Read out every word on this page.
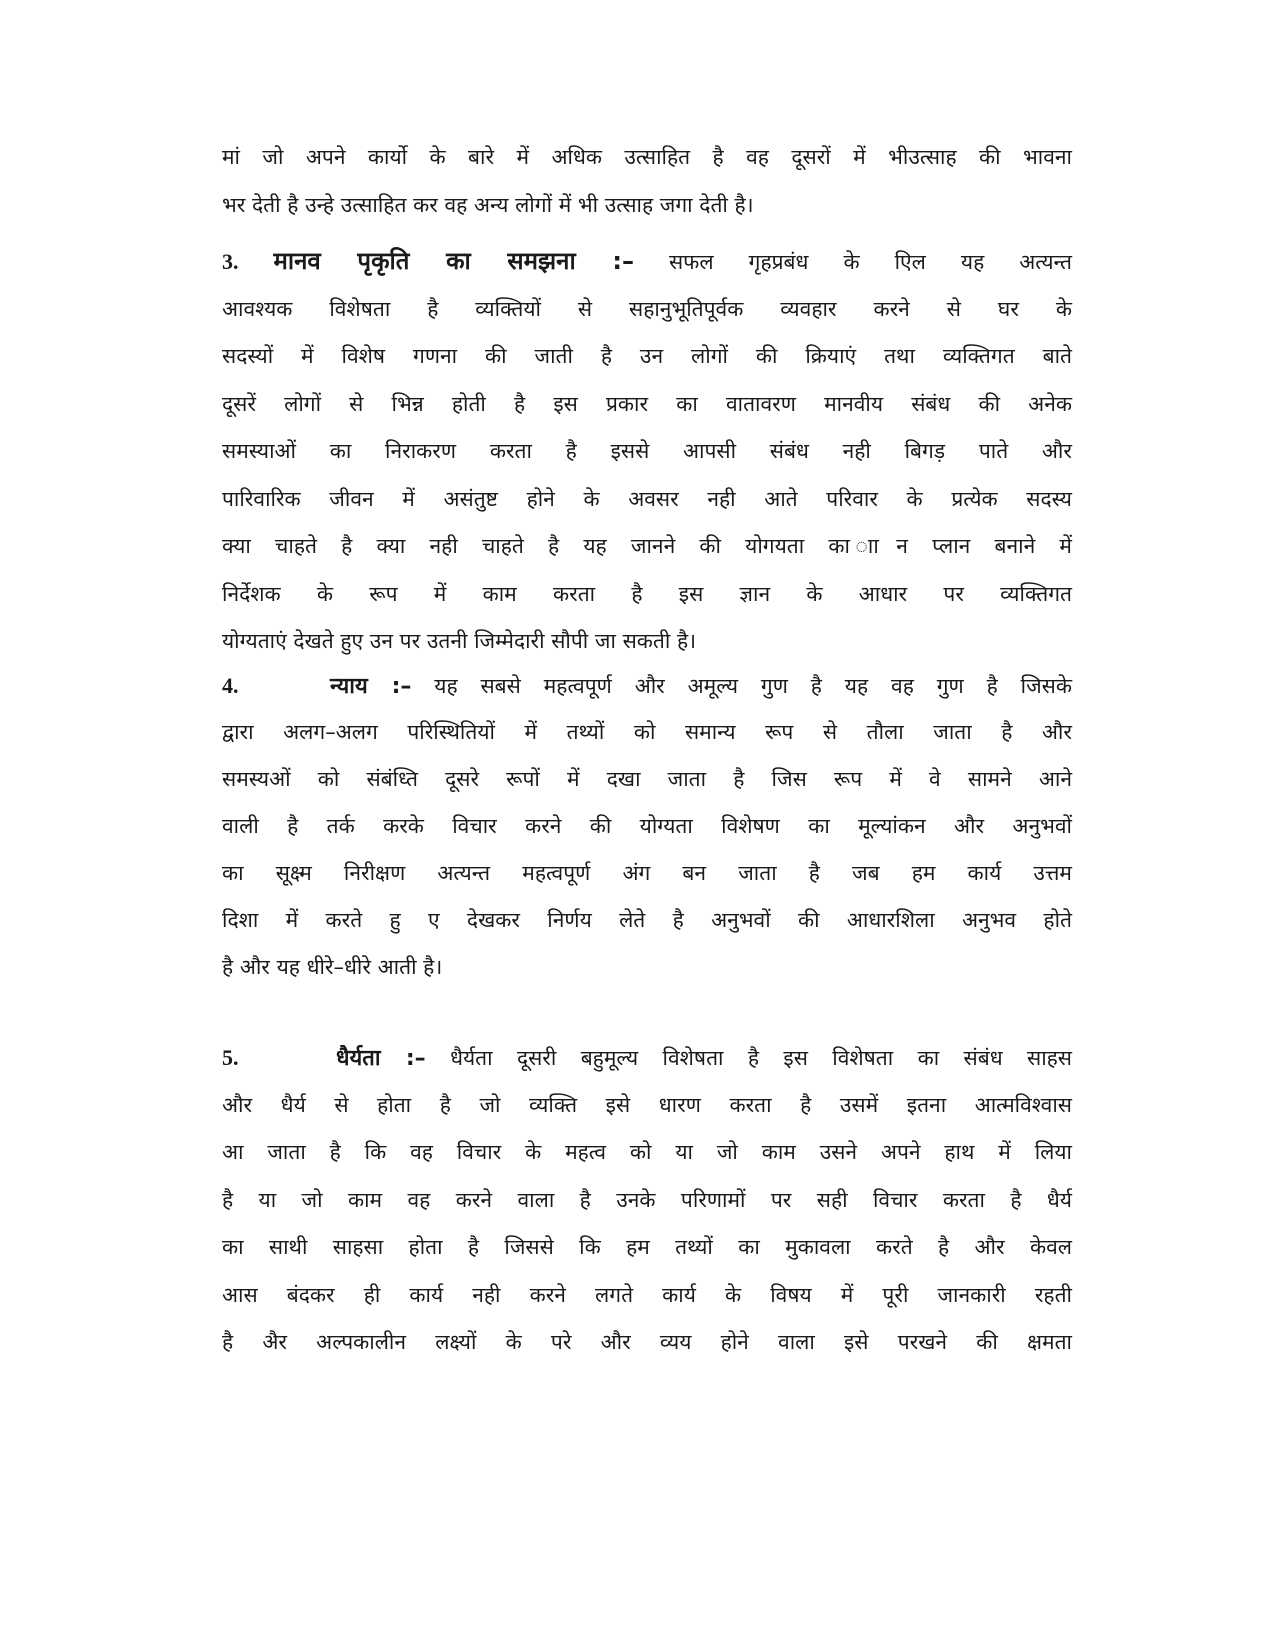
मां जो अपने कार्यो के बारे में अधिक उत्साहित है वह दूसरों में भीउत्साह की भावना
भर देती है उन्हे उत्साहित कर वह अन्य लोगों में भी उत्साह जगा देती है।
3. मानव पृकृति का समझना :– सफल गृहप्रबंध के एिल यह अत्यन्त
आवश्यक विशेषता है व्यक्तियों से सहानुभूतिपूर्वक व्यवहार करने से घर के
सदस्यों में विशेष गणना की जाती है उन लोगों की क्रियाएं तथा व्यक्तिगत बाते
दूसरें लोगों से भिन्न होती है इस प्रकार का वातावरण मानवीय संबंध की अनेक
समस्याओं का निराकरण करता है इससे आपसी संबंध नही बिगड़ पाते और
पारिवारिक जीवन में असंतुष्ट होने के अवसर नही आते परिवार के प्रत्येक सदस्य
क्या चाहते है क्या नही चाहते है यह जानने की योगयता का ाान प्लान बनाने में
निर्देशक के रूप में काम करता है इस ज्ञान के आधार पर व्यक्तिगत
योग्यताएं देखते हुए उन पर उतनी जिम्मेदारी सौपी जा सकती है।
4.	न्याय :– यह सबसे महत्वपूर्ण और अमूल्य गुण है यह वह गुण है जिसके
द्वारा अलग–अलग परिस्थितियों में तथ्यों को समान्य रूप से तौला जाता है और
समस्यओं को संबंध्ति दूसरे रूपों में दखा जाता है जिस रूप में वे सामने आने
वाली है तर्क करके विचार करने की योग्यता विशेषण का मूल्यांकन और अनुभवों
का सूक्ष्म निरीक्षण अत्यन्त महत्वपूर्ण अंग बन जाता है जब हम कार्य उत्तम
दिशा में करते हु ए देखकर निर्णय लेते है अनुभवों की आधारशिला अनुभव होते
है और यह धीरे–धीरे आती है।
5.	धैर्यता :– धैर्यता दूसरी बहुमूल्य विशेषता है इस विशेषता का संबंध साहस
और धैर्य से होता है जो व्यक्ति इसे धारण करता है उसमें इतना आत्मविश्वास
आ जाता है कि वह विचार के महत्व को या जो काम उसने अपने हाथ में लिया
है या जो काम वह करने वाला है उनके परिणामों पर सही विचार करता है धैर्य
का साथी साहसा होता है जिससे कि हम तथ्यों का मुकावला करते है और केवल
आस बंदकर ही कार्य नही करने लगते कार्य के विषय में पूरी जानकारी रहती
है अैर अल्पकालीन लक्ष्यों के परे और व्यय होने वाला इसे परखने की क्षमता
